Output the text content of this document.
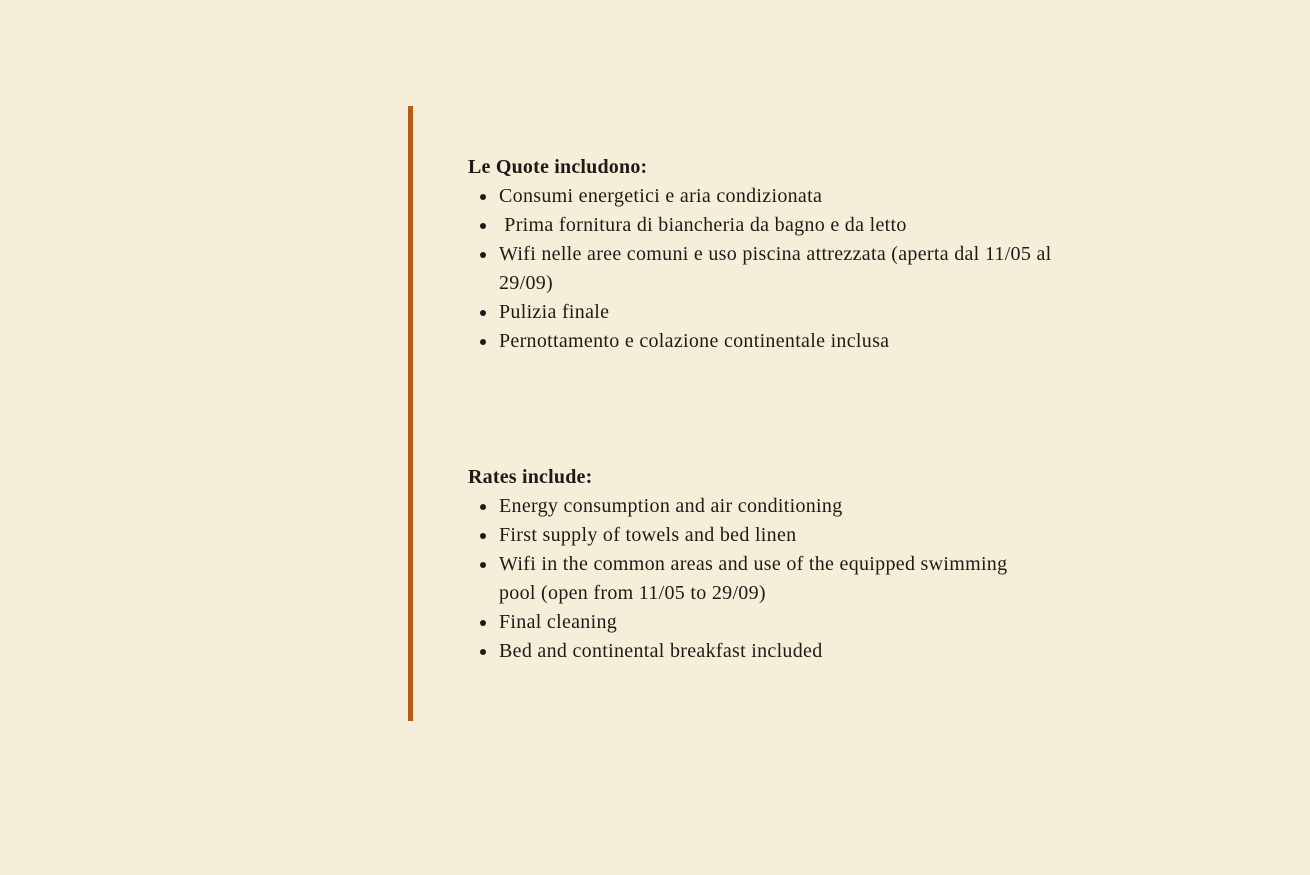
Le Quote includono:

Consumi energetici e aria condizionata
Prima fornitura di biancheria da bagno e da letto
Wifi nelle aree comuni e uso piscina attrezzata (aperta dal 11/05 al 29/09)
Pulizia finale
Pernottamento e colazione continentale inclusa

Rates include:

Energy consumption and air conditioning
First supply of towels and bed linen
Wifi in the common areas and use of the equipped swimming pool (open from 11/05 to 29/09)
Final cleaning
Bed and continental breakfast included
